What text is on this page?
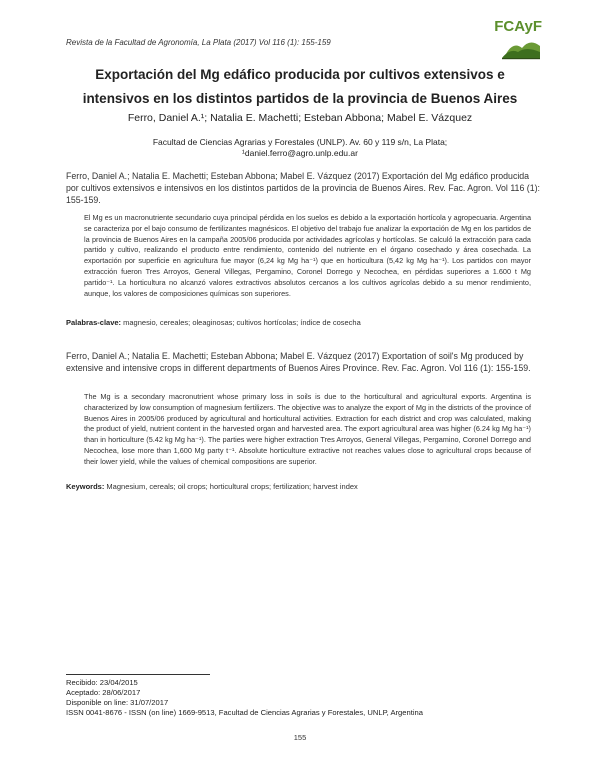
Revista de la Facultad de Agronomía, La Plata (2017) Vol 116 (1): 155-159
FCAyF
Exportación del Mg edáfico producida por cultivos extensivos e
intensivos en los distintos partidos de la provincia de Buenos Aires
Ferro, Daniel A.¹; Natalia E. Machetti; Esteban Abbona; Mabel E. Vázquez
Facultad de Ciencias Agrarias y Forestales (UNLP). Av. 60 y 119 s/n, La Plata;
¹daniel.ferro@agro.unlp.edu.ar
Ferro, Daniel A.; Natalia E. Machetti; Esteban Abbona; Mabel E. Vázquez (2017) Exportación del Mg edáfico producida por cultivos extensivos e intensivos en los distintos partidos de la provincia de Buenos Aires. Rev. Fac. Agron. Vol 116 (1): 155-159.
El Mg es un macronutriente secundario cuya principal pérdida en los suelos es debido a la exportación hortícola y agropecuaria. Argentina se caracteriza por el bajo consumo de fertilizantes magnésicos. El objetivo del trabajo fue analizar la exportación de Mg en los partidos de la provincia de Buenos Aires en la campaña 2005/06 producida por actividades agrícolas y hortícolas. Se calculó la extracción para cada partido y cultivo, realizando el producto entre rendimiento, contenido del nutriente en el órgano cosechado y área cosechada. La exportación por superficie en agricultura fue mayor (6,24 kg Mg ha⁻¹) que en horticultura (5,42 kg Mg ha⁻¹). Los partidos con mayor extracción fueron Tres Arroyos, General Villegas, Pergamino, Coronel Dorrego y Necochea, en pérdidas superiores a 1.600 t Mg partido⁻¹. La horticultura no alcanzó valores extractivos absolutos cercanos a los cultivos agrícolas debido a su menor rendimiento, aunque, los valores de composiciones químicas son superiores.
Palabras-clave: magnesio, cereales; oleaginosas; cultivos hortícolas; índice de cosecha
Ferro, Daniel A.; Natalia E. Machetti; Esteban Abbona; Mabel E. Vázquez (2017) Exportation of soil's Mg produced by extensive and intensive crops in different departments of Buenos Aires Province. Rev. Fac. Agron. Vol 116 (1): 155-159.
The Mg is a secondary macronutrient whose primary loss in soils is due to the horticultural and agricultural exports. Argentina is characterized by low consumption of magnesium fertilizers. The objective was to analyze the export of Mg in the districts of the province of Buenos Aires in 2005/06 produced by agricultural and horticultural activities. Extraction for each district and crop was calculated, making the product of yield, nutrient content in the harvested organ and harvested area. The export agricultural area was higher (6.24 kg Mg ha⁻¹) than in horticulture (5.42 kg Mg ha⁻¹). The parties were higher extraction Tres Arroyos, General Villegas, Pergamino, Coronel Dorrego and Necochea, lose more than 1,600 Mg party t⁻¹. Absolute horticulture extractive not reaches values close to agricultural crops because of their lower yield, while the values of chemical compositions are superior.
Keywords: Magnesium, cereals; oil crops; horticultural crops; fertilization; harvest index
Recibido: 23/04/2015
Aceptado: 28/06/2017
Disponible on line: 31/07/2017
ISSN 0041-8676 - ISSN (on line) 1669-9513, Facultad de Ciencias Agrarias y Forestales, UNLP, Argentina
155
